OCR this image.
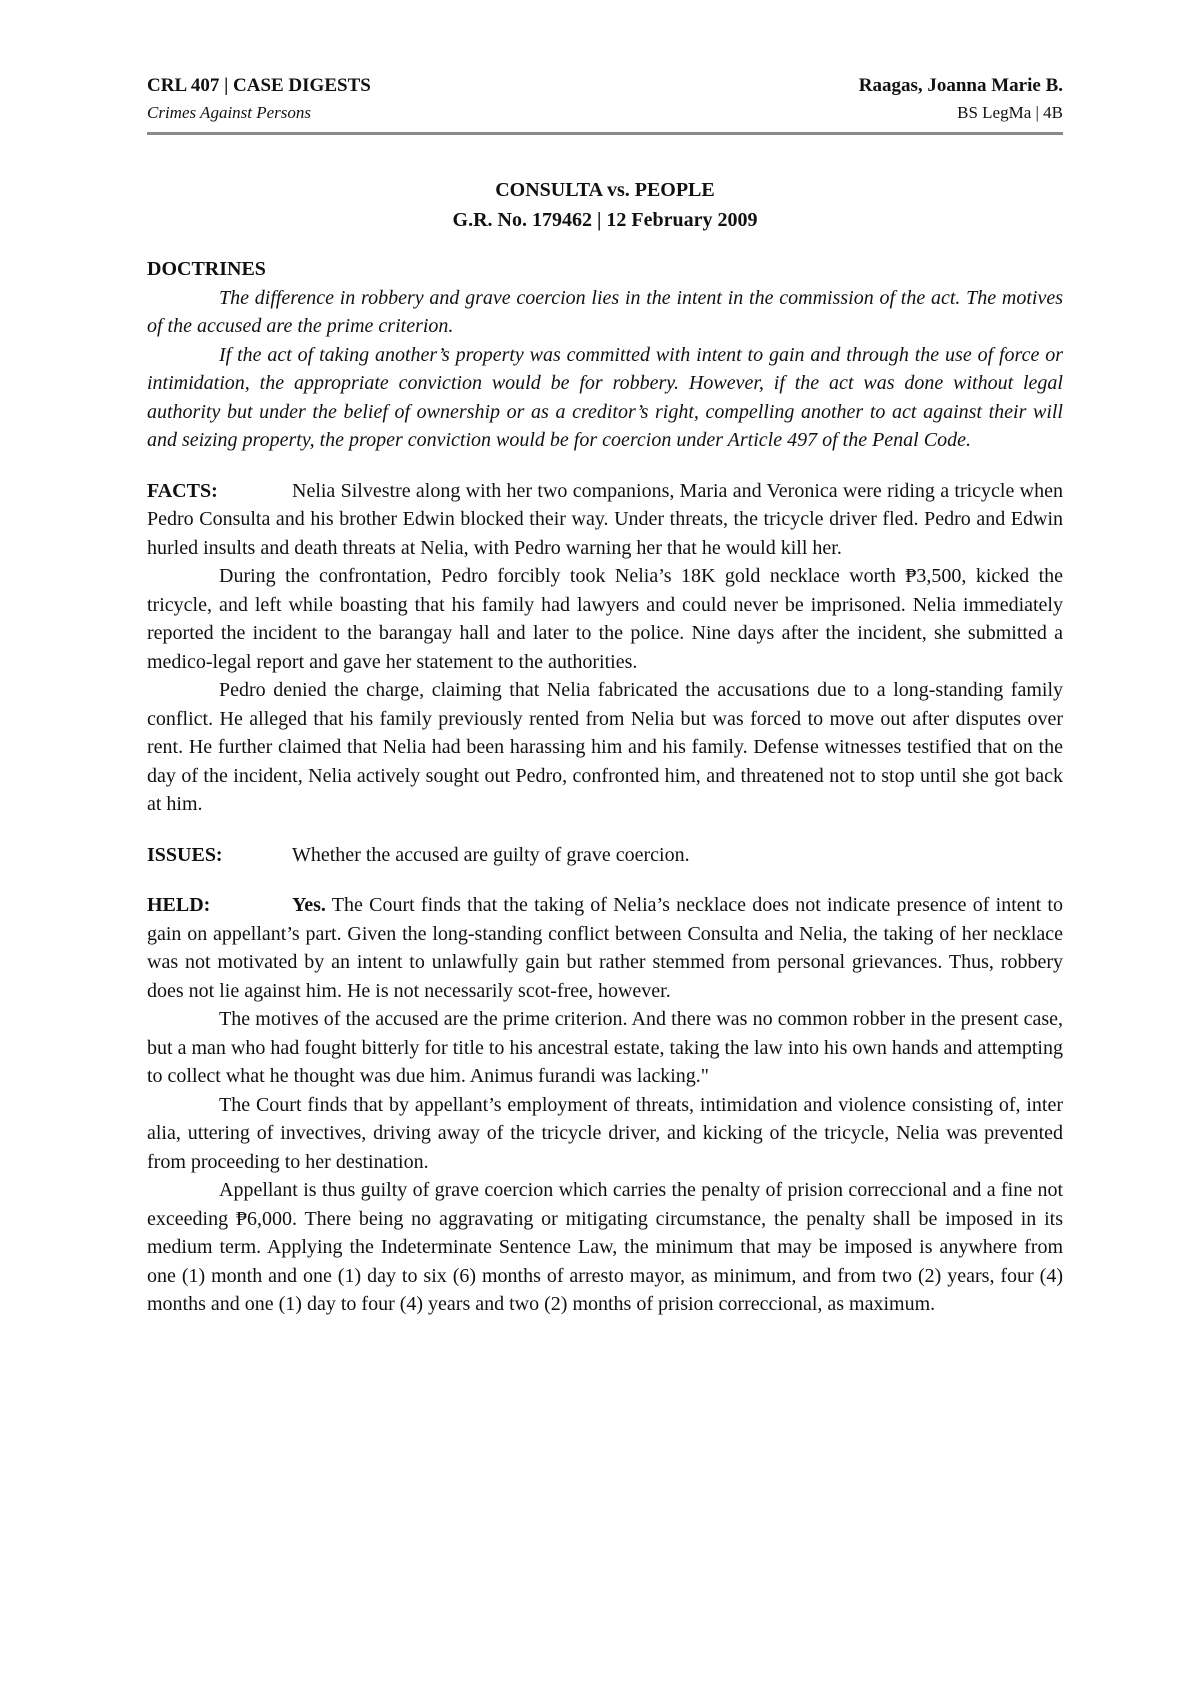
CRL 407 | CASE DIGESTS	Raagas, Joanna Marie B.
Crimes Against Persons	BS LegMa | 4B
CONSULTA vs. PEOPLE
G.R. No. 179462 | 12 February 2009
DOCTRINES

The difference in robbery and grave coercion lies in the intent in the commission of the act. The motives of the accused are the prime criterion.

If the act of taking another’s property was committed with intent to gain and through the use of force or intimidation, the appropriate conviction would be for robbery. However, if the act was done without legal authority but under the belief of ownership or as a creditor’s right, compelling another to act against their will and seizing property, the proper conviction would be for coercion under Article 497 of the Penal Code.

FACTS:	Nelia Silvestre along with her two companions, Maria and Veronica were riding a tricycle when Pedro Consulta and his brother Edwin blocked their way. Under threats, the tricycle driver fled. Pedro and Edwin hurled insults and death threats at Nelia, with Pedro warning her that he would kill her.

During the confrontation, Pedro forcibly took Nelia’s 18K gold necklace worth ₱3,500, kicked the tricycle, and left while boasting that his family had lawyers and could never be imprisoned. Nelia immediately reported the incident to the barangay hall and later to the police. Nine days after the incident, she submitted a medico-legal report and gave her statement to the authorities.

Pedro denied the charge, claiming that Nelia fabricated the accusations due to a long-standing family conflict. He alleged that his family previously rented from Nelia but was forced to move out after disputes over rent. He further claimed that Nelia had been harassing him and his family. Defense witnesses testified that on the day of the incident, Nelia actively sought out Pedro, confronted him, and threatened not to stop until she got back at him.

ISSUES:	Whether the accused are guilty of grave coercion.

HELD:	Yes. The Court finds that the taking of Nelia’s necklace does not indicate presence of intent to gain on appellant’s part. Given the long-standing conflict between Consulta and Nelia, the taking of her necklace was not motivated by an intent to unlawfully gain but rather stemmed from personal grievances. Thus, robbery does not lie against him. He is not necessarily scot-free, however.

The motives of the accused are the prime criterion. And there was no common robber in the present case, but a man who had fought bitterly for title to his ancestral estate, taking the law into his own hands and attempting to collect what he thought was due him. Animus furandi was lacking."

The Court finds that by appellant’s employment of threats, intimidation and violence consisting of, inter alia, uttering of invectives, driving away of the tricycle driver, and kicking of the tricycle, Nelia was prevented from proceeding to her destination.

Appellant is thus guilty of grave coercion which carries the penalty of prision correccional and a fine not exceeding ₱6,000. There being no aggravating or mitigating circumstance, the penalty shall be imposed in its medium term. Applying the Indeterminate Sentence Law, the minimum that may be imposed is anywhere from one (1) month and one (1) day to six (6) months of arresto mayor, as minimum, and from two (2) years, four (4) months and one (1) day to four (4) years and two (2) months of prision correccional, as maximum.
